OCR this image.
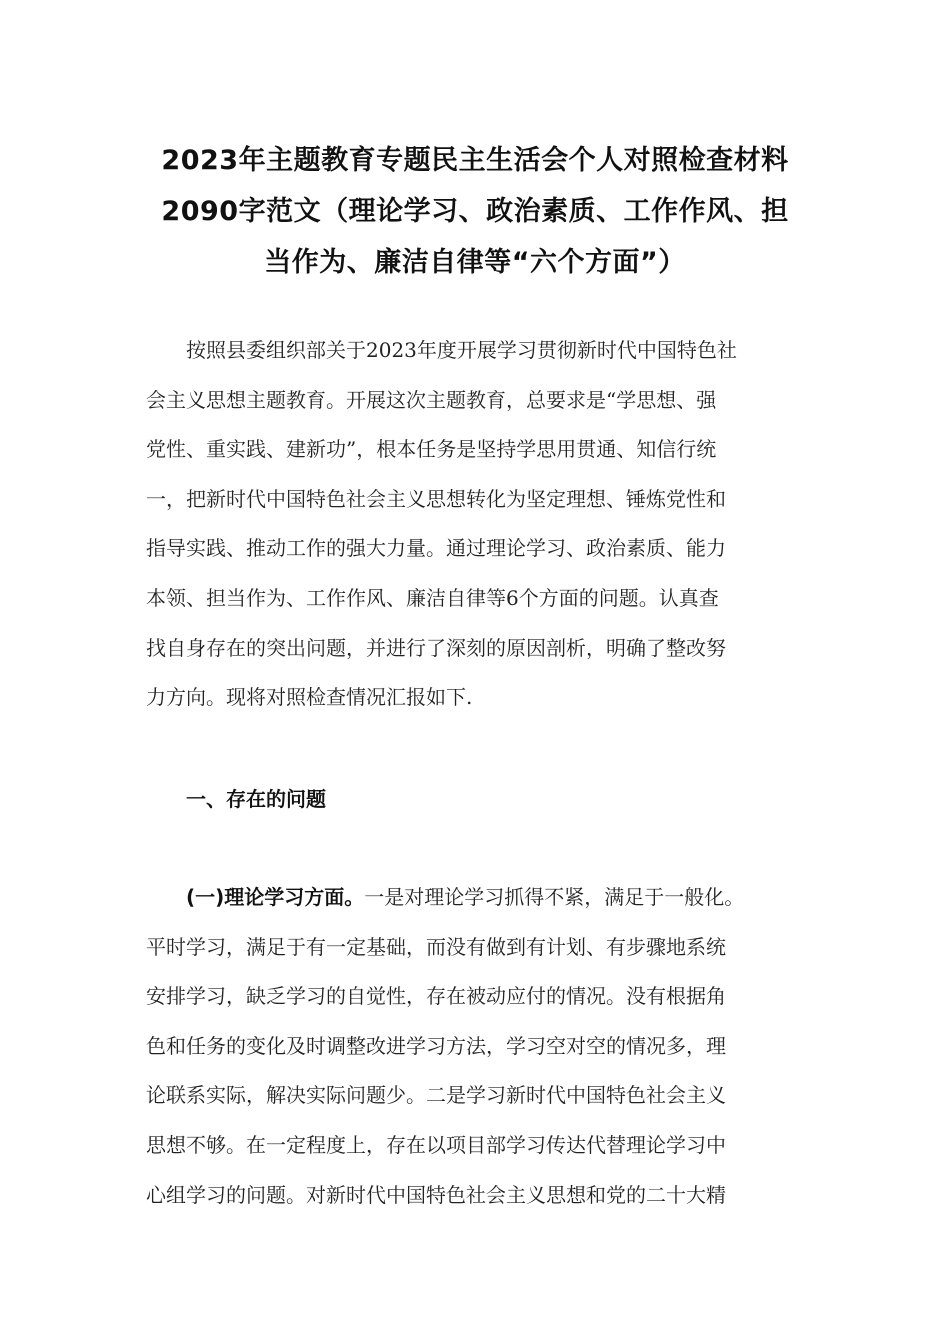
2023年主题教育专题民主生活会个人对照检查材料
2090字范文（理论学习、政治素质、工作作风、担
当作为、廉洁自律等“六个方面”）
按照县委组织部关于2023年度开展学习贯彻新时代中国特色社
会主义思想主题教育。开展这次主题教育，总要求是“学思想、强
党性、重实践、建新功”，根本任务是坚持学思用贯通、知信行统
一，把新时代中国特色社会主义思想转化为坚定理想、锤炼党性和
指导实践、推动工作的强大力量。通过理论学习、政治素质、能力
本领、担当作为、工作作风、廉洁自律等6个方面的问题。认真查
找自身存在的突出问题，并进行了深刻的原因剖析，明确了整改努
力方向。现将对照检查情况汇报如下.
一、存在的问题
(一)理论学习方面。一是对理论学习抓得不紧，满足于一般化。
平时学习，满足于有一定基础，而没有做到有计划、有步骤地系统
安排学习，缺乏学习的自觉性，存在被动应付的情况。没有根据角
色和任务的变化及时调整改进学习方法，学习空对空的情况多，理
论联系实际，解决实际问题少。二是学习新时代中国特色社会主义
思想不够。在一定程度上，存在以项目部学习传达代替理论学习中
心组学习的问题。对新时代中国特色社会主义思想和党的二十大精
